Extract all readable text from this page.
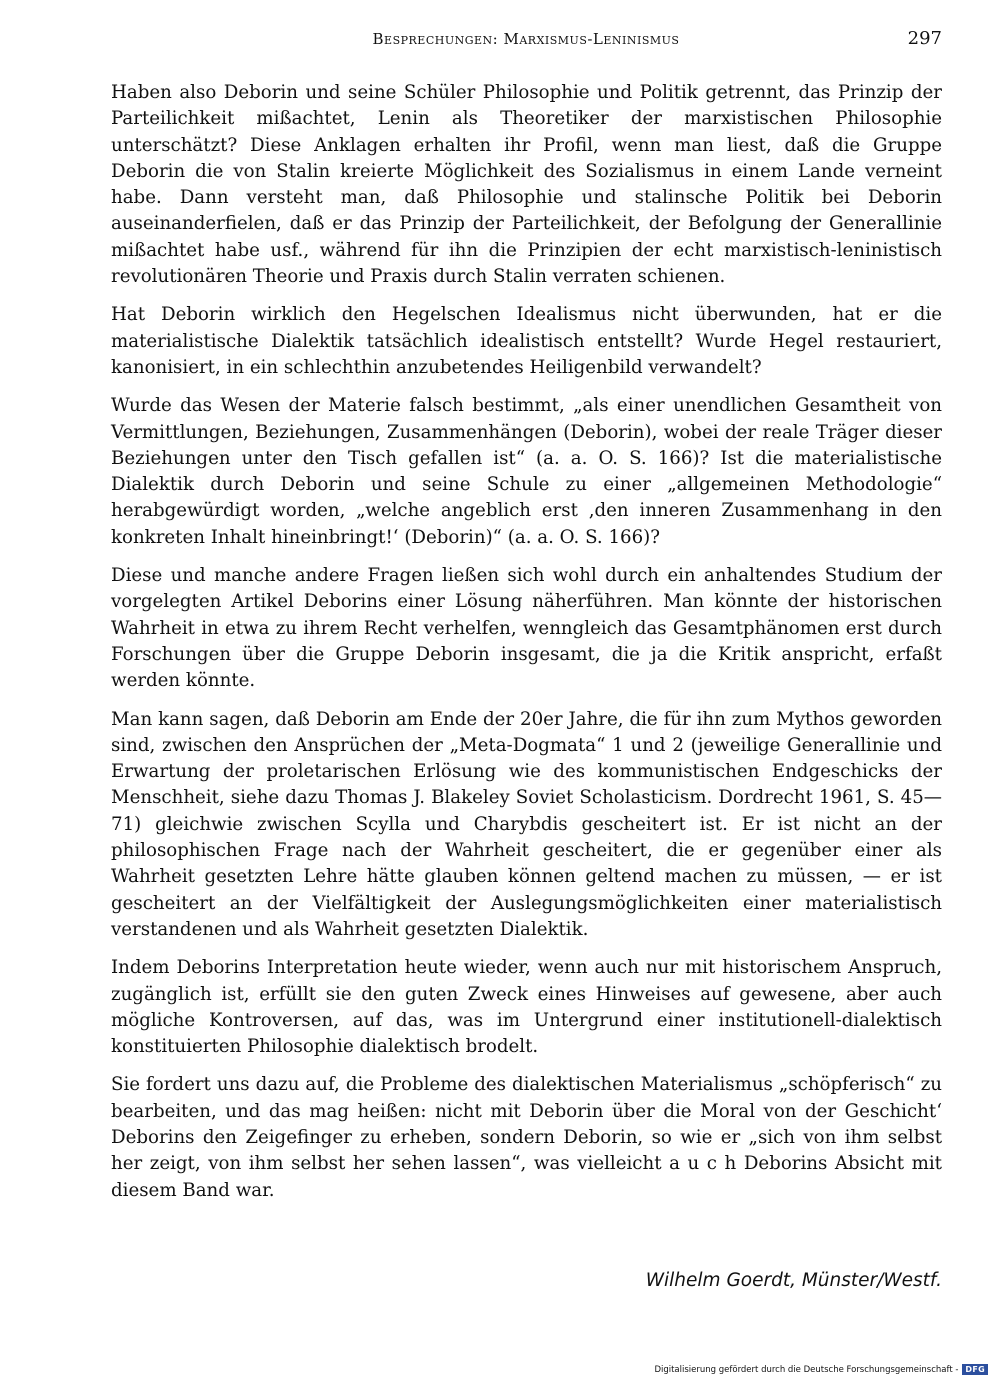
Besprechungen: Marxismus-Leninismus	297

Haben also Deborin und seine Schüler Philosophie und Politik getrennt, das Prinzip der Parteilichkeit mißachtet, Lenin als Theoretiker der marxistischen Philosophie unterschätzt? Diese Anklagen erhalten ihr Profil, wenn man liest, daß die Gruppe Deborin die von Stalin kreierte Möglichkeit des Sozialismus in einem Lande verneint habe. Dann versteht man, daß Philosophie und stalinsche Politik bei Deborin auseinanderfielen, daß er das Prinzip der Parteilichkeit, der Befolgung der Generallinie mißachtet habe usf., während für ihn die Prinzipien der echt marxistisch-leninistisch revolutionären Theorie und Praxis durch Stalin verraten schienen.

Hat Deborin wirklich den Hegelschen Idealismus nicht überwunden, hat er die materialistische Dialektik tatsächlich idealistisch entstellt? Wurde Hegel restauriert, kanonisiert, in ein schlechthin anzubetendes Heiligenbild verwandelt?

Wurde das Wesen der Materie falsch bestimmt, „als einer unendlichen Gesamtheit von Vermittlungen, Beziehungen, Zusammenhängen (Deborin), wobei der reale Träger dieser Beziehungen unter den Tisch gefallen ist“ (a. a. O. S. 166)? Ist die materialistische Dialektik durch Deborin und seine Schule zu einer „allgemeinen Methodologie“ herabgewürdigt worden, „welche angeblich erst ‚den inneren Zusammenhang in den konkreten Inhalt hineinbringt!‘ (Deborin)“ (a. a. O. S. 166)?

Diese und manche andere Fragen ließen sich wohl durch ein anhaltendes Studium der vorgelegten Artikel Deborins einer Lösung näherführen. Man könnte der historischen Wahrheit in etwa zu ihrem Recht verhelfen, wenngleich das Gesamtphänomen erst durch Forschungen über die Gruppe Deborin insgesamt, die ja die Kritik anspricht, erfaßt werden könnte.

Man kann sagen, daß Deborin am Ende der 20er Jahre, die für ihn zum Mythos geworden sind, zwischen den Ansprüchen der „Meta-Dogmata“ 1 und 2 (jeweilige Generallinie und Erwartung der proletarischen Erlösung wie des kommunistischen Endgeschicks der Menschheit, siehe dazu Thomas J. Blakeley Soviet Scholasticism. Dordrecht 1961, S. 45—71) gleichwie zwischen Scylla und Charybdis gescheitert ist. Er ist nicht an der philosophischen Frage nach der Wahrheit gescheitert, die er gegenüber einer als Wahrheit gesetzten Lehre hätte glauben können geltend machen zu müssen, — er ist gescheitert an der Vielfältigkeit der Auslegungsmöglichkeiten einer materialistisch verstandenen und als Wahrheit gesetzten Dialektik.

Indem Deborins Interpretation heute wieder, wenn auch nur mit historischem Anspruch, zugänglich ist, erfüllt sie den guten Zweck eines Hinweises auf gewesene, aber auch mögliche Kontroversen, auf das, was im Untergrund einer institutionell-dialektisch konstituierten Philosophie dialektisch brodelt.

Sie fordert uns dazu auf, die Probleme des dialektischen Materialismus „schöpferisch“ zu bearbeiten, und das mag heißen: nicht mit Deborin über die Moral von der Geschicht‘ Deborins den Zeigefinger zu erheben, sondern Deborin, so wie er „sich von ihm selbst her zeigt, von ihm selbst her sehen lassen“, was vielleicht a u c h Deborins Absicht mit diesem Band war.

Wilhelm Goerdt, Münster/Westf.
Digitalisierung gefördert durch die Deutsche Forschungsgemeinschaft - DFG
